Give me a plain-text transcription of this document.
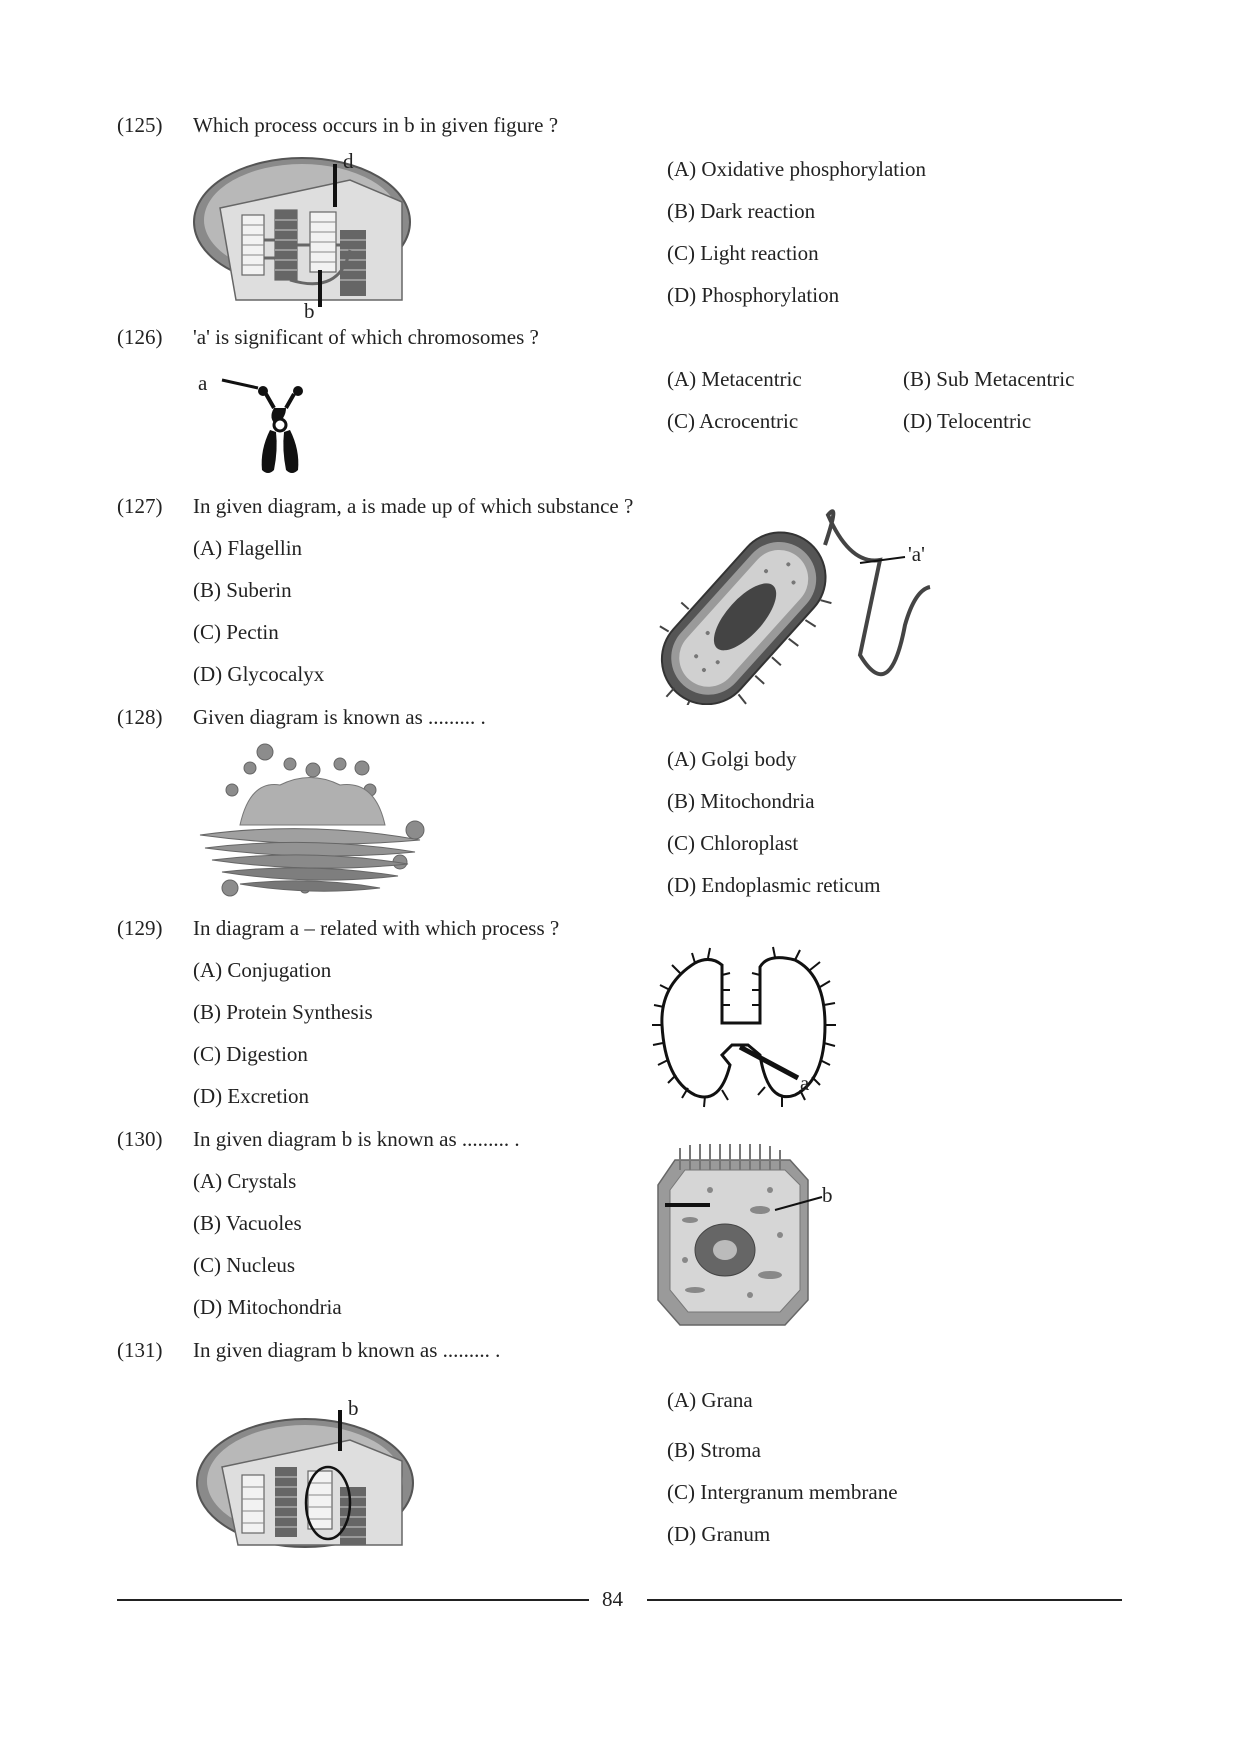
(125) Which process occurs in b in given figure ?
d
b
(A) Oxidative phosphorylation
(B) Dark reaction
(C) Light reaction
(D) Phosphorylation
(126) 'a' is significant of which chromosomes ?
a	(A) Metacentric	(B) Sub Metacentric
(C) Acrocentric	(D) Telocentric
(127) In given diagram, a is made up of which substance ?
(A) Flagellin
(B) Suberin
(C) Pectin
(D) Glycocalyx
'a'
(128) Given diagram is known as ......... .
(A) Golgi body
(B) Mitochondria
(C) Chloroplast
(D) Endoplasmic reticum
(129) In diagram a – related with which process ?
(A) Conjugation
(B) Protein Synthesis
(C) Digestion
(D) Excretion
a
(130) In given diagram b is known as ......... .
(A) Crystals
(B) Vacuoles
(C) Nucleus
(D) Mitochondria
b
(131) In given diagram b known as ......... .
b	(A) Grana
(B) Stroma
(C) Intergranum membrane
(D) Granum
84
